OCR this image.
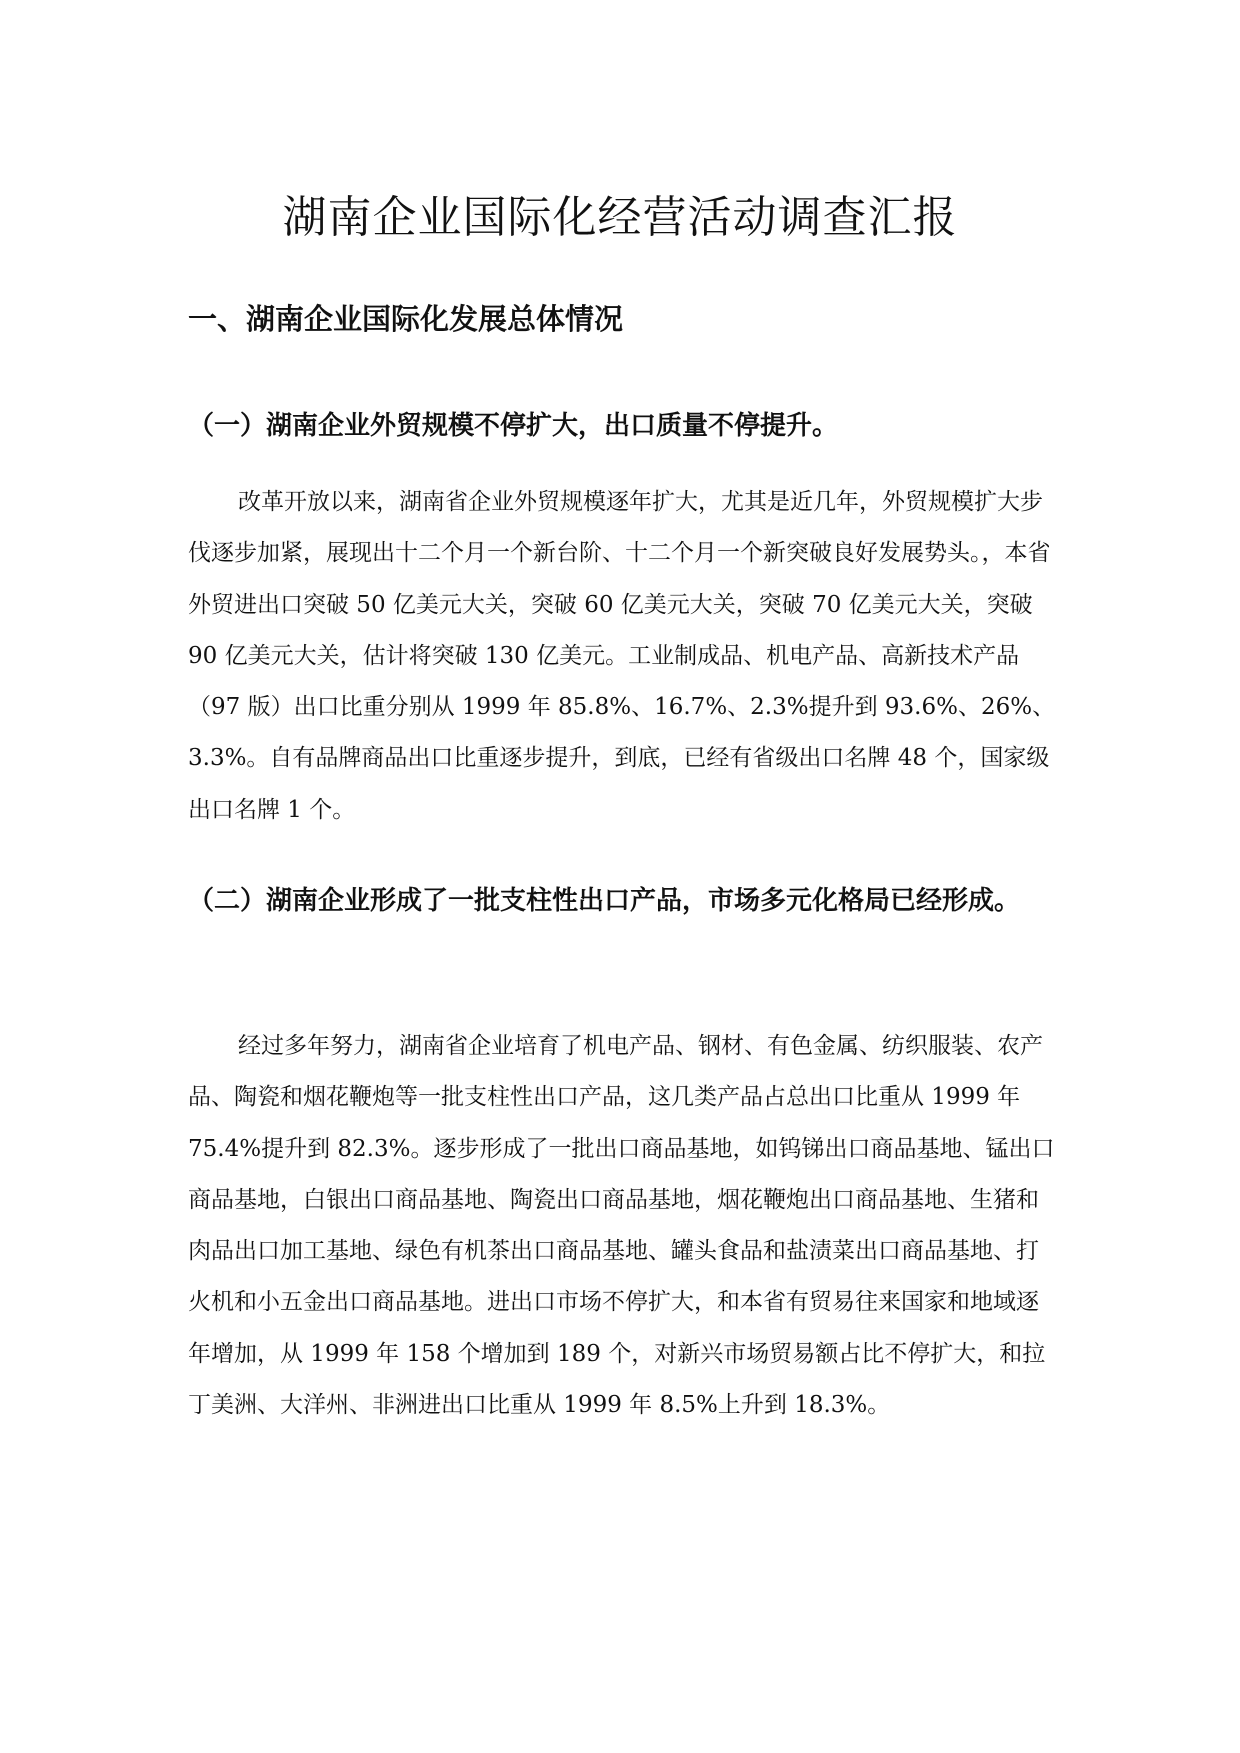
湖南企业国际化经营活动调查汇报
一、湖南企业国际化发展总体情况
（一）湖南企业外贸规模不停扩大，出口质量不停提升。

改革开放以来，湖南省企业外贸规模逐年扩大，尤其是近几年，外贸规模扩大步伐逐步加紧，展现出十二个月一个新台阶、十二个月一个新突破良好发展势头。，本省外贸进出口突破 50 亿美元大关，突破 60 亿美元大关，突破 70 亿美元大关，突破 90 亿美元大关，估计将突破 130 亿美元。工业制成品、机电产品、高新技术产品（97 版）出口比重分别从 1999 年 85.8%、16.7%、2.3%提升到 93.6%、26%、3.3%。自有品牌商品出口比重逐步提升，到底，已经有省级出口名牌 48 个，国家级出口名牌 1 个。

（二）湖南企业形成了一批支柱性出口产品，市场多元化格局已经形成。

经过多年努力，湖南省企业培育了机电产品、钢材、有色金属、纺织服装、农产品、陶瓷和烟花鞭炮等一批支柱性出口产品，这几类产品占总出口比重从 1999 年 75.4%提升到 82.3%。逐步形成了一批出口商品基地，如钨锑出口商品基地、锰出口商品基地，白银出口商品基地、陶瓷出口商品基地，烟花鞭炮出口商品基地、生猪和肉品出口加工基地、绿色有机茶出口商品基地、罐头食品和盐渍菜出口商品基地、打火机和小五金出口商品基地。进出口市场不停扩大，和本省有贸易往来国家和地域逐年增加，从 1999 年 158 个增加到 189 个，对新兴市场贸易额占比不停扩大，和拉丁美洲、大洋州、非洲进出口比重从 1999 年 8.5%上升到 18.3%。
